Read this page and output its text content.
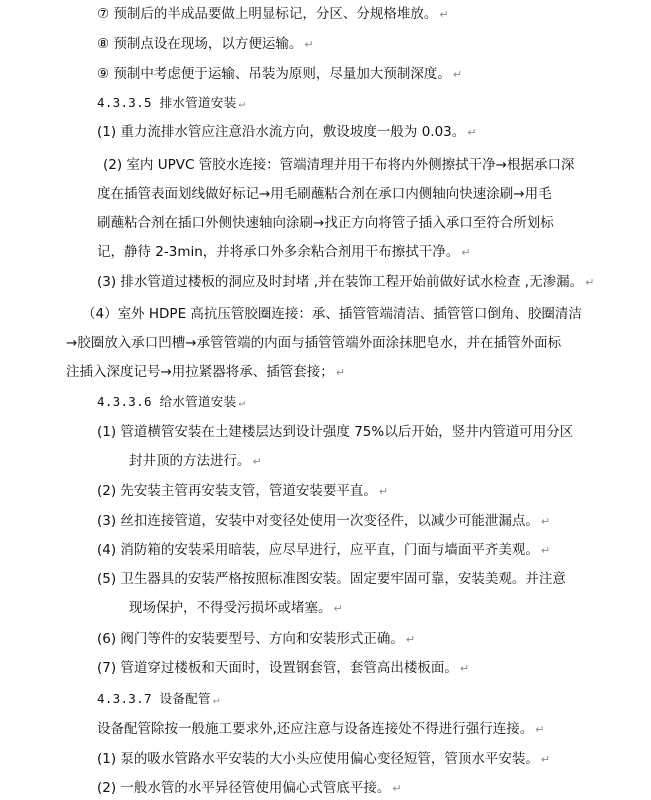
⑦ 预制后的半成品要做上明显标记，分区、分规格堆放。 ↵
⑧ 预制点设在现场，以方便运输。 ↵
⑨ 预制中考虑便于运输、吊装为原则，尽量加大预制深度。 ↵
4.3.3.5 排水管道安装 ↵
(1) 重力流排水管应注意沿水流方向，敷设坡度一般为 0.03。 ↵
(2) 室内 UPVC 管胶水连接：管端清理并用干布将内外侧擦拭干净→根据承口深
度在插管表面划线做好标记→用毛刷蘸粘合剂在承口内侧轴向快速涂刷→用毛
刷蘸粘合剂在插口外侧快速轴向涂刷→找正方向将管子插入承口至符合所划标
记，静待 2-3min，并将承口外多余粘合剂用干布擦拭干净。 ↵
(3) 排水管道过楼板的洞应及时封堵 ,并在装饰工程开始前做好试水检查 ,无渗漏。 ↵
（4）室外 HDPE 高抗压管胶圈连接：承、插管管端清洁、插管管口倒角、胶圈清洁
→胶圈放入承口凹槽→承管管端的内面与插管管端外面涂抹肥皂水，并在插管外面标
注插入深度记号→用拉紧器将承、插管套接； ↵
4.3.3.6 给水管道安装 ↵
(1) 管道横管安装在土建楼层达到设计强度 75%以后开始，竖井内管道可用分区
封井顶的方法进行。 ↵
(2) 先安装主管再安装支管，管道安装要平直。 ↵
(3) 丝扣连接管道，安装中对变径处使用一次变径件，以减少可能泄漏点。 ↵
(4) 消防箱的安装采用暗装，应尽早进行，应平直，门面与墙面平齐美观。 ↵
(5) 卫生器具的安装严格按照标准图安装。固定要牢固可靠，安装美观。并注意
现场保护，不得受污损坏或堵塞。 ↵
(6) 阀门等件的安装要型号、方向和安装形式正确。 ↵
(7) 管道穿过楼板和天面时，设置钢套管，套管高出楼板面。 ↵
4.3.3.7 设备配管 ↵
设备配管除按一般施工要求外,还应注意与设备连接处不得进行强行连接。 ↵
(1) 泵的吸水管路水平安装的大小头应使用偏心变径短管，管顶水平安装。 ↵
(2) 一般水管的水平异径管使用偏心式管底平接。 ↵
